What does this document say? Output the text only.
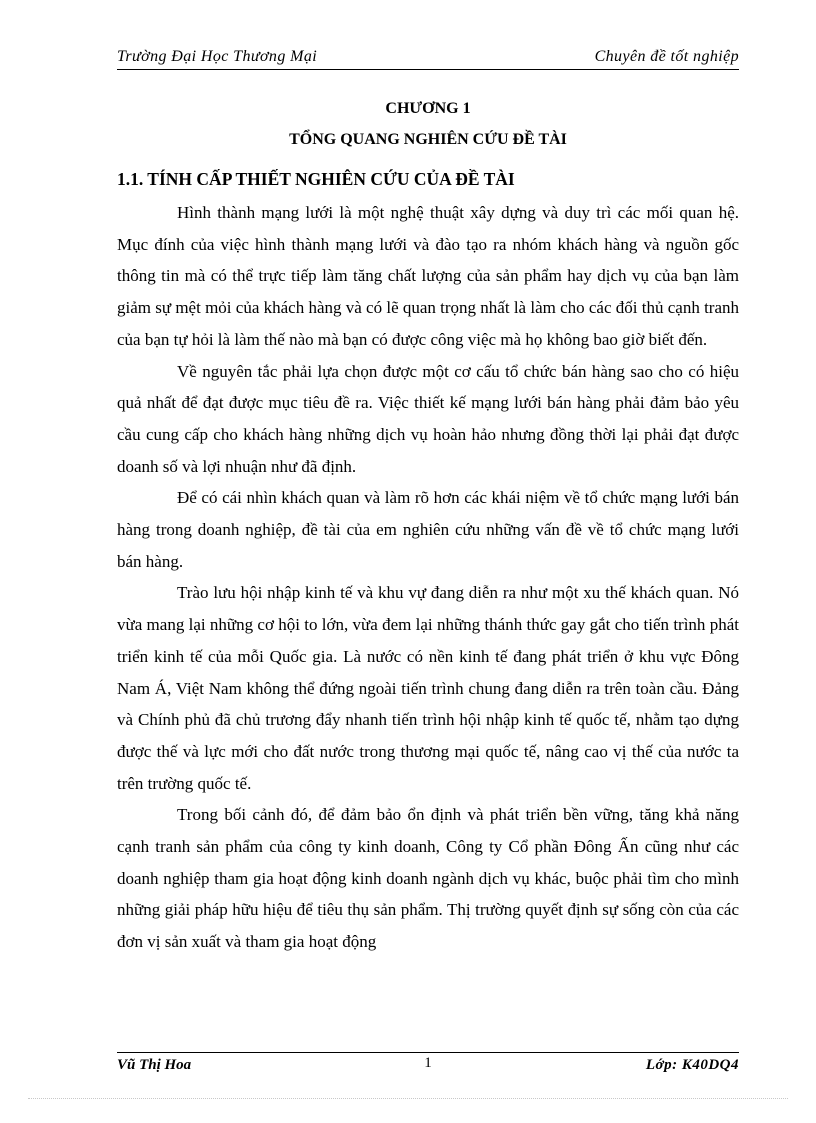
Trường Đại Học Thương Mại	Chuyên đề tốt nghiệp
CHƯƠNG 1
TỔNG QUANG NGHIÊN CỨU ĐỀ TÀI
1.1. TÍNH CẤP THIẾT NGHIÊN CỨU CỦA ĐỀ TÀI

Hình thành mạng lưới là một nghệ thuật xây dựng và duy trì các mối quan hệ. Mục đính của việc hình thành mạng lưới và đào tạo ra nhóm khách hàng và nguồn gốc thông tin mà có thể trực tiếp làm tăng chất lượng của sản phẩm hay dịch vụ của bạn làm giảm sự mệt mỏi của khách hàng và có lẽ quan trọng nhất là làm cho các đối thủ cạnh tranh của bạn tự hỏi là làm thế nào mà bạn có được công việc mà họ không bao giờ biết đến.

Về nguyên tắc phải lựa chọn được một cơ cấu tổ chức bán hàng sao cho có hiệu quả nhất để đạt được mục tiêu đề ra. Việc thiết kế mạng lưới bán hàng phải đảm bảo yêu cầu cung cấp cho khách hàng những dịch vụ hoàn hảo nhưng đồng thời lại phải đạt được doanh số và lợi nhuận như đã định.

Để có cái nhìn khách quan và làm rõ hơn các khái niệm về tổ chức mạng lưới bán hàng trong doanh nghiệp, đề tài của em nghiên cứu những vấn đề về tổ chức mạng lưới bán hàng.

Trào lưu hội nhập kinh tế và khu vự đang diễn ra như một xu thế khách quan. Nó vừa mang lại những cơ hội to lớn, vừa đem lại những thánh thức gay gắt cho tiến trình phát triển kinh tế của mỗi Quốc gia. Là nước có nền kinh tế đang phát triển ở khu vực Đông Nam Á, Việt Nam không thể đứng ngoài tiến trình chung đang diễn ra trên toàn cầu. Đảng và Chính phủ đã chủ trương đẩy nhanh tiến trình hội nhập kinh tế quốc tế, nhằm tạo dựng được thế và lực mới cho đất nước trong thương mại quốc tế, nâng cao vị thế của nước ta trên trường quốc tế.

Trong bối cảnh đó, để đảm bảo ổn định và phát triển bền vững, tăng khả năng cạnh tranh sản phẩm của công ty kinh doanh, Công ty Cổ phần Đông Ấn cũng như các doanh nghiệp tham gia hoạt động kinh doanh ngành dịch vụ khác, buộc phải tìm cho mình những giải pháp hữu hiệu để tiêu thụ sản phẩm. Thị trường quyết định sự sống còn của các đơn vị sản xuất và tham gia hoạt động

Vũ Thị Hoa	1	Lớp: K40DQ4
